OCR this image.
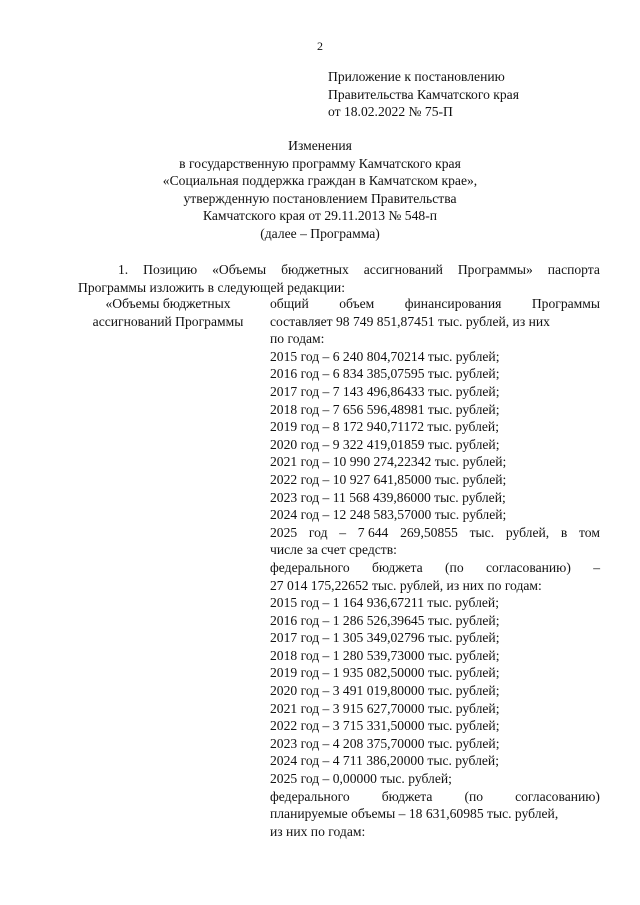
2
Приложение к постановлению
Правительства Камчатского края
от 18.02.2022 № 75-П
Изменения
в государственную программу Камчатского края
«Социальная поддержка граждан в Камчатском крае»,
утвержденную постановлением Правительства
Камчатского края от 29.11.2013 № 548-п
(далее – Программа)
1. Позицию «Объемы бюджетных ассигнований Программы» паспорта
Программы изложить в следующей редакции:
«Объемы бюджетных
ассигнований Программы
общий объем финансирования Программы
составляет 98 749 851,87451 тыс. рублей, из них
по годам:
2015 год – 6 240 804,70214 тыс. рублей;
2016 год – 6 834 385,07595 тыс. рублей;
2017 год – 7 143 496,86433 тыс. рублей;
2018 год – 7 656 596,48981 тыс. рублей;
2019 год – 8 172 940,71172 тыс. рублей;
2020 год – 9 322 419,01859 тыс. рублей;
2021 год – 10 990 274,22342 тыс. рублей;
2022 год – 10 927 641,85000 тыс. рублей;
2023 год – 11 568 439,86000 тыс. рублей;
2024 год – 12 248 583,57000 тыс. рублей;
2025 год – 7 644 269,50855 тыс. рублей, в том
числе за счет средств:
федерального бюджета (по согласованию) –
27 014 175,22652 тыс. рублей, из них по годам:
2015 год – 1 164 936,67211 тыс. рублей;
2016 год – 1 286 526,39645 тыс. рублей;
2017 год – 1 305 349,02796 тыс. рублей;
2018 год – 1 280 539,73000 тыс. рублей;
2019 год – 1 935 082,50000 тыс. рублей;
2020 год – 3 491 019,80000 тыс. рублей;
2021 год – 3 915 627,70000 тыс. рублей;
2022 год – 3 715 331,50000 тыс. рублей;
2023 год – 4 208 375,70000 тыс. рублей;
2024 год – 4 711 386,20000 тыс. рублей;
2025 год – 0,00000 тыс. рублей;
федерального бюджета (по согласованию)
планируемые объемы – 18 631,60985 тыс. рублей,
из них по годам:
